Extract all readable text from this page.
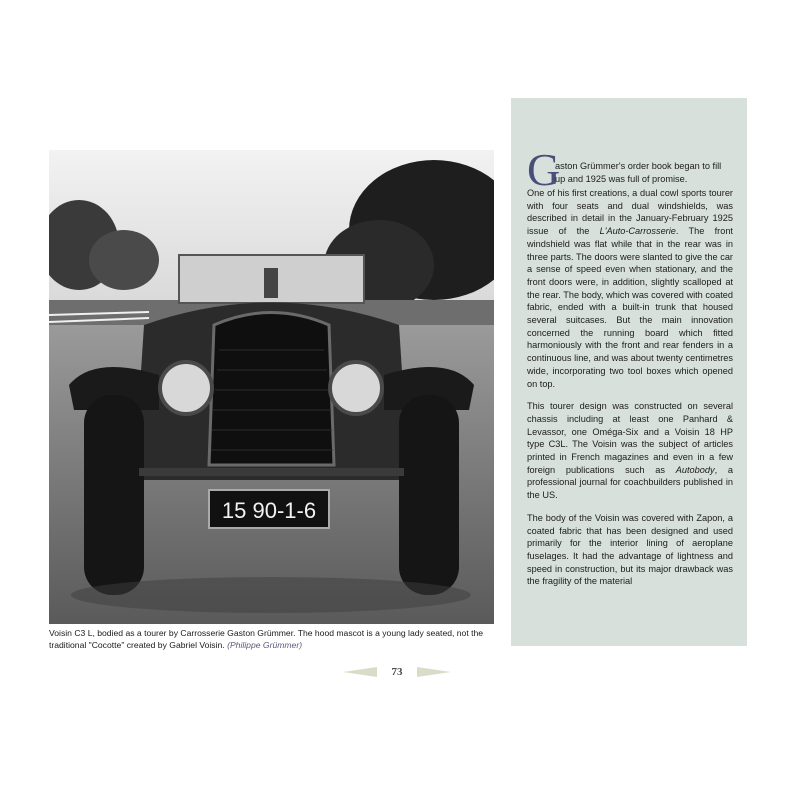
15 90-1-6
Voisin C3 L, bodied as a tourer by Carrosserie Gaston Grümmer. The hood mascot is a young lady seated, not the traditional "Cocotte" created by Gabriel Voisin. (Philippe Grümmer)
G
aston Grümmer's order book began to fill up and 1925 was full of promise.

One of his first creations, a dual cowl sports tourer with four seats and dual windshields, was described in detail in the January-February 1925 issue of the L'Auto-Carrosserie. The front windshield was flat while that in the rear was in three parts. The doors were slanted to give the car a sense of speed even when stationary, and the front doors were, in addition, slightly scalloped at the rear. The body, which was covered with coated fabric, ended with a built-in trunk that housed several suitcases. But the main innovation concerned the running board which fitted harmoniously with the front and rear fenders in a continuous line, and was about twenty centimetres wide, incorporating two tool boxes which opened on top.

This tourer design was constructed on several chassis including at least one Panhard & Levassor, one Oméga-Six and a Voisin 18 HP type C3L. The Voisin was the subject of articles printed in French magazines and even in a few foreign publications such as Autobody, a professional journal for coachbuilders published in the US.

The body of the Voisin was covered with Zapon, a coated fabric that has been designed and used primarily for the interior lining of aeroplane fuselages. It had the advantage of lightness and speed in construction, but its major drawback was the fragility of the material

73
